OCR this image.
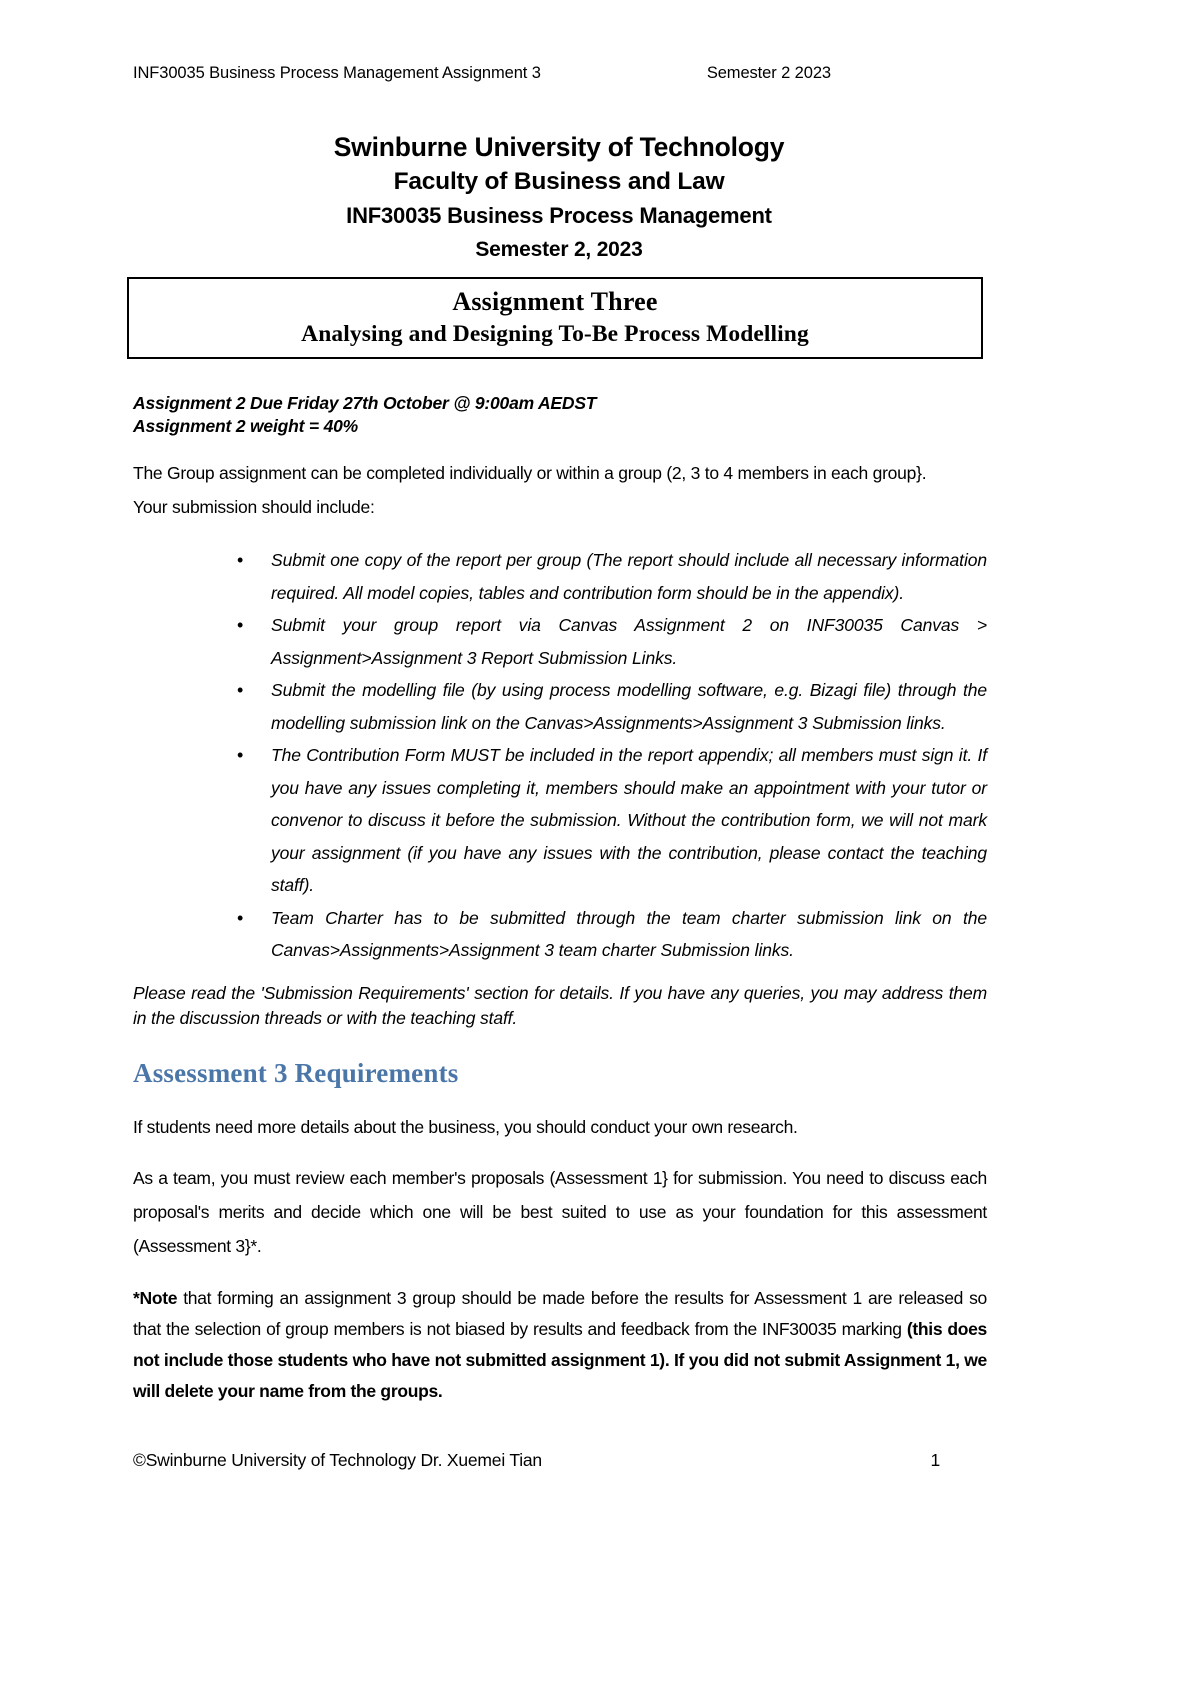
INF30035 Business Process Management Assignment 3	Semester 2 2023
Swinburne University of Technology
Faculty of Business and Law
INF30035 Business Process Management
Semester 2, 2023
Assignment Three
Analysing and Designing To-Be Process Modelling
Assignment 2 Due Friday 27th October @ 9:00am AEDST
Assignment 2 weight = 40%

The Group assignment can be completed individually or within a group (2, 3 to 4 members in each group}.

Your submission should include:

• Submit one copy of the report per group (The report should include all necessary information required. All model copies, tables and contribution form should be in the appendix).
• Submit your group report via Canvas Assignment 2 on INF30035 Canvas > Assignment>Assignment 3 Report Submission Links.
• Submit the modelling file (by using process modelling software, e.g. Bizagi file) through the modelling submission link on the Canvas>Assignments>Assignment 3 Submission links.
• The Contribution Form MUST be included in the report appendix; all members must sign it. If you have any issues completing it, members should make an appointment with your tutor or convenor to discuss it before the submission. Without the contribution form, we will not mark your assignment (if you have any issues with the contribution, please contact the teaching staff).
• Team Charter has to be submitted through the team charter submission link on the Canvas>Assignments>Assignment 3 team charter Submission links.

Please read the 'Submission Requirements' section for details. If you have any queries, you may address them in the discussion threads or with the teaching staff.

Assessment 3 Requirements

If students need more details about the business, you should conduct your own research.

As a team, you must review each member's proposals (Assessment 1} for submission. You need to discuss each proposal's merits and decide which one will be best suited to use as your foundation for this assessment (Assessment 3}*.

*Note that forming an assignment 3 group should be made before the results for Assessment 1 are released so that the selection of group members is not biased by results and feedback from the INF30035 marking (this does not include those students who have not submitted assignment 1). If you did not submit Assignment 1, we will delete your name from the groups.

©Swinburne University of Technology Dr. Xuemei Tian	1
